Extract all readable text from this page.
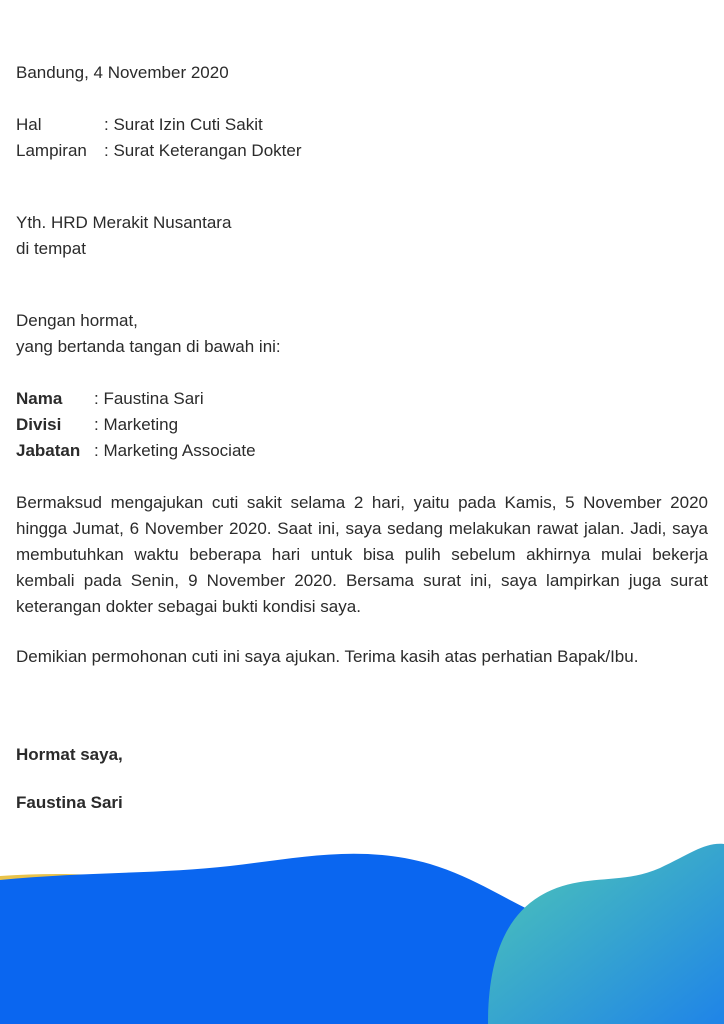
Bandung, 4 November 2020
Hal	: Surat Izin Cuti Sakit
Lampiran	: Surat Keterangan Dokter
Yth. HRD Merakit Nusantara
di tempat
Dengan hormat,
yang bertanda tangan di bawah ini:
Nama	: Faustina Sari
Divisi	: Marketing
Jabatan : Marketing Associate
Bermaksud mengajukan cuti sakit selama 2 hari, yaitu pada Kamis, 5 November 2020 hingga Jumat, 6 November 2020. Saat ini, saya sedang melakukan rawat jalan. Jadi, saya membutuhkan waktu beberapa hari untuk bisa pulih sebelum akhirnya mulai bekerja kembali pada Senin, 9 November 2020. Bersama surat ini, saya lampirkan juga surat keterangan dokter sebagai bukti kondisi saya.
Demikian permohonan cuti ini saya ajukan. Terima kasih atas perhatian Bapak/Ibu.
Hormat saya,
Faustina Sari
